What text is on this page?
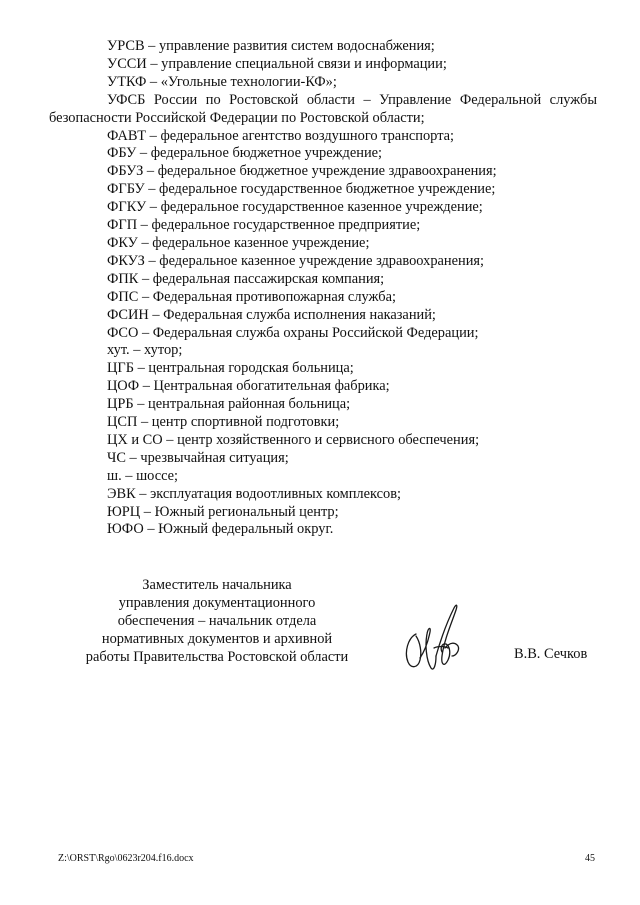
УРСВ – управление развития систем водоснабжения;
УССИ – управление специальной связи и информации;
УТКФ – «Угольные технологии-КФ»;
УФСБ России по Ростовской области – Управление Федеральной службы
безопасности Российской Федерации по Ростовской области;
ФАВТ – федеральное агентство воздушного транспорта;
ФБУ – федеральное бюджетное учреждение;
ФБУЗ – федеральное бюджетное учреждение здравоохранения;
ФГБУ – федеральное государственное бюджетное учреждение;
ФГКУ – федеральное государственное казенное учреждение;
ФГП – федеральное государственное предприятие;
ФКУ – федеральное казенное учреждение;
ФКУЗ – федеральное казенное учреждение здравоохранения;
ФПК – федеральная пассажирская компания;
ФПС – Федеральная противопожарная служба;
ФСИН – Федеральная служба исполнения наказаний;
ФСО – Федеральная служба охраны Российской Федерации;
хут. – хутор;
ЦГБ – центральная городская больница;
ЦОФ – Центральная обогатительная фабрика;
ЦРБ – центральная районная больница;
ЦСП – центр спортивной подготовки;
ЦХ и СО – центр хозяйственного и сервисного обеспечения;
ЧС – чрезвычайная ситуация;
ш. – шоссе;
ЭВК – эксплуатация водоотливных комплексов;
ЮРЦ – Южный региональный центр;
ЮФО – Южный федеральный округ.
Заместитель начальника
управления документационного
обеспечения – начальник отдела
нормативных документов и архивной
работы Правительства Ростовской области	В.В. Сечков
Z:\ORST\Rgo\0623r204.f16.docx	45
